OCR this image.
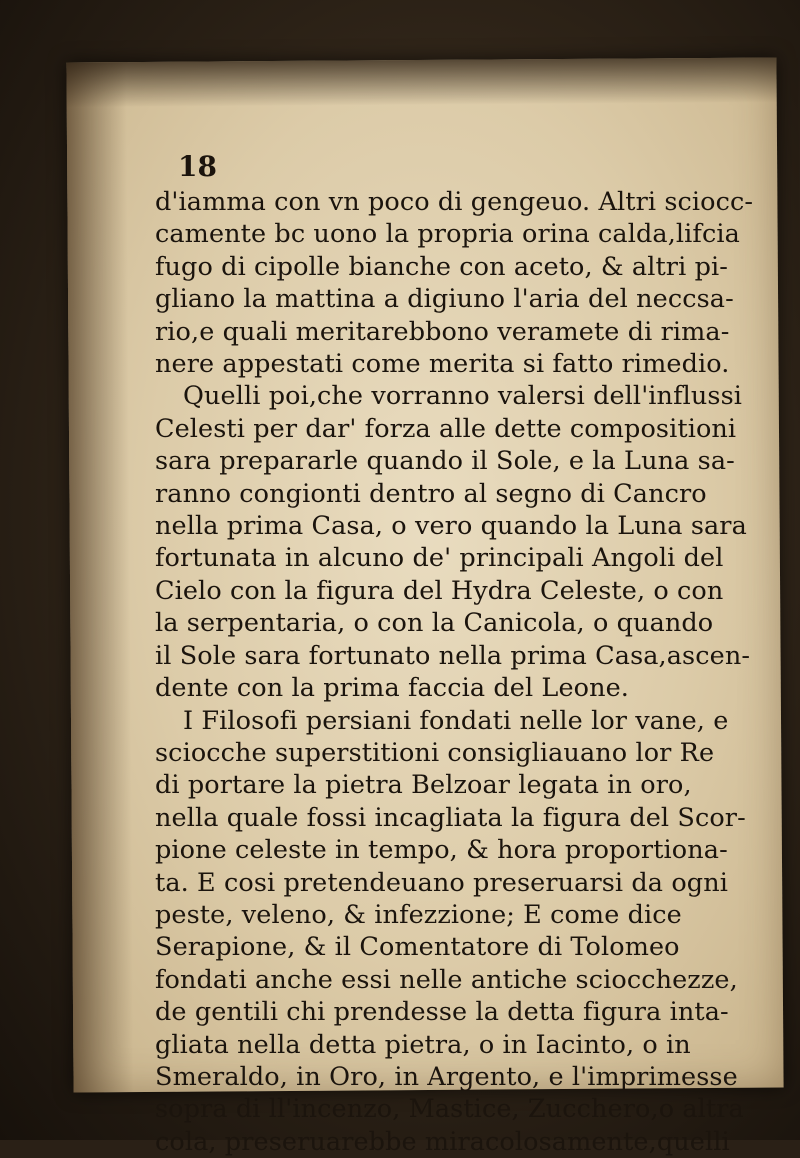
18
d'iamma con vn poco di gengeuo. Altri sciocc-
camente bc uono la propria orina calda,lifcia
fugo di cipolle bianche con aceto, & altri pi-
gliano la mattina a digiuno l'aria del neccsa-
rio,e quali meritarebbono veramete di rima-
nere appestati come merita si fatto rimedio.
Quelli poi,che vorranno valersi dell'influssi
Celesti per dar' forza alle dette compositioni
sara prepararle quando il Sole, e la Luna sa-
ranno congionti dentro al segno di Cancro
nella prima Casa, o vero quando la Luna sara
fortunata in alcuno de' principali Angoli del
Cielo con la figura del Hydra Celeste, o con
la serpentaria, o con la Canicola, o quando
il Sole sara fortunato nella prima Casa,ascen-
dente con la prima faccia del Leone.
I Filosofi persiani fondati nelle lor vane, e
sciocche superstitioni consigliauano lor Re
di portare la pietra Belzoar legata in oro,
nella quale fossi incagliata la figura del Scor-
pione celeste in tempo, & hora proportiona-
ta. E cosi pretendeuano preseruarsi da ogni
peste, veleno, & infezzione; E come dice
Serapione, & il Comentatore di Tolomeo
fondati anche essi nelle antiche sciocchezze,
de gentili chi prendesse la detta figura inta-
gliata nella detta pietra, o in Iacinto, o in
Smeraldo, in Oro, in Argento, e l'imprimesse
sopra di ll'incenzo, Mastice, Zucchero,o altra
cola, preseruarebbe miracolosamente,quelli
